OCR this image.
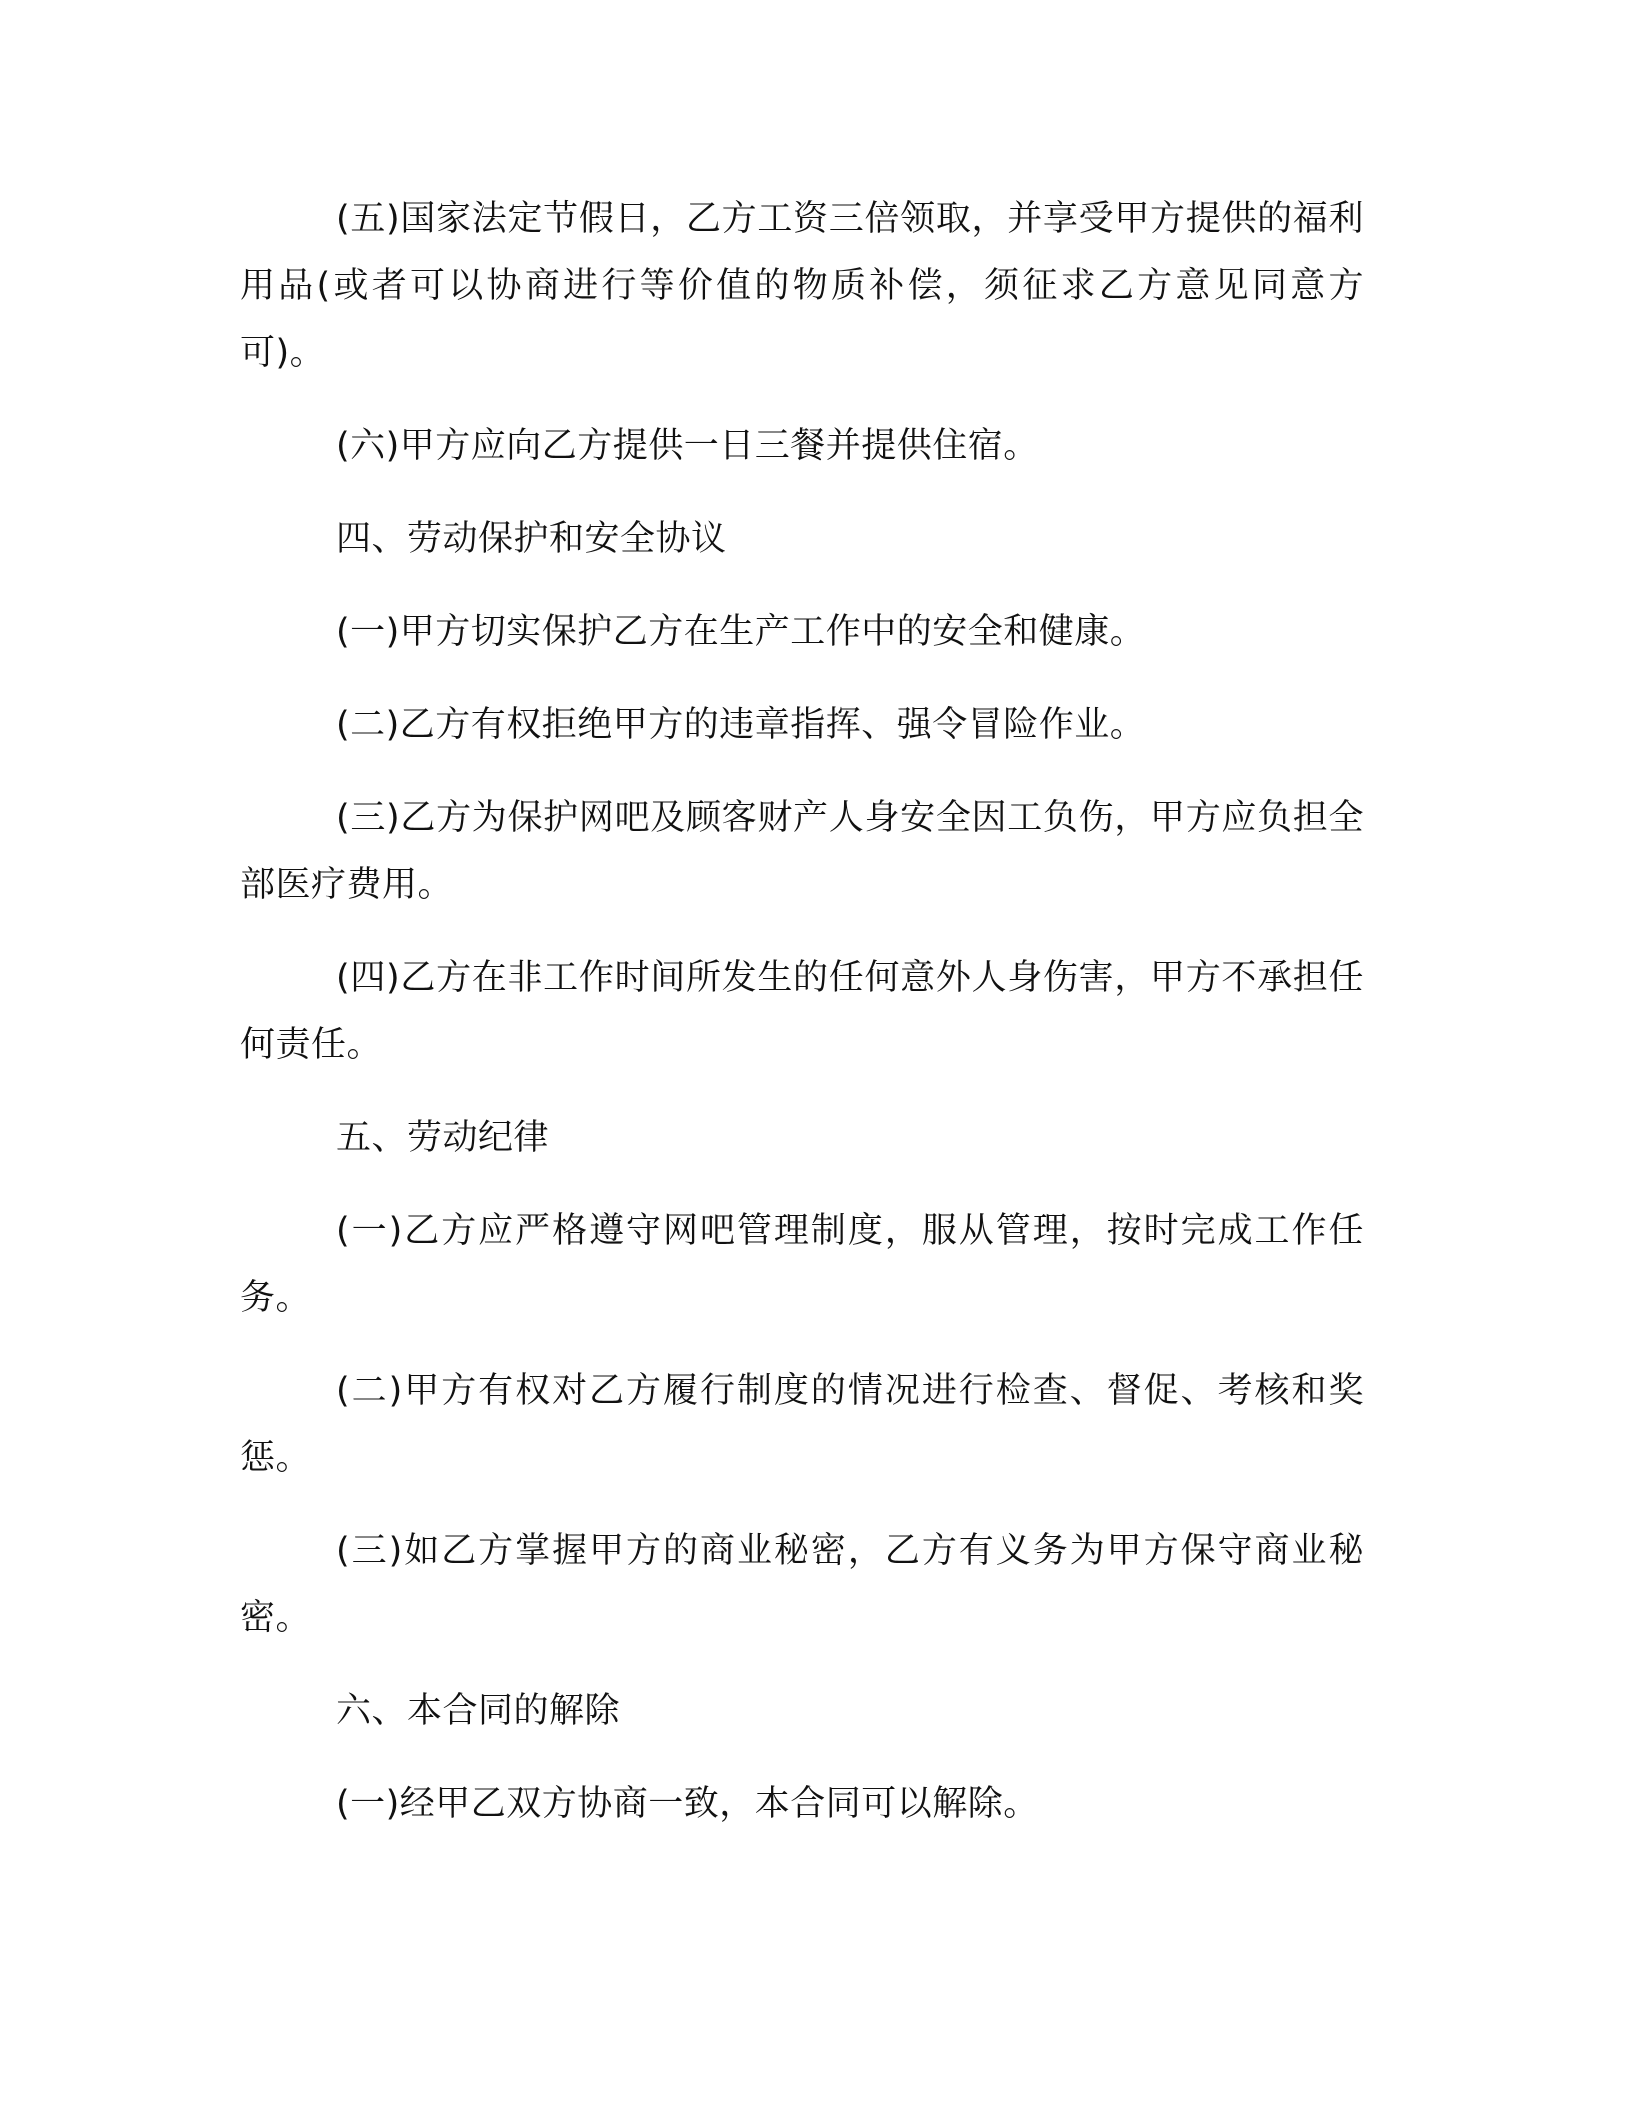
(五)国家法定节假日，乙方工资三倍领取，并享受甲方提供的福利用品(或者可以协商进行等价值的物质补偿，须征求乙方意见同意方可)。

(六)甲方应向乙方提供一日三餐并提供住宿。

四、劳动保护和安全协议

(一)甲方切实保护乙方在生产工作中的安全和健康。

(二)乙方有权拒绝甲方的违章指挥、强令冒险作业。

(三)乙方为保护网吧及顾客财产人身安全因工负伤，甲方应负担全部医疗费用。

(四)乙方在非工作时间所发生的任何意外人身伤害，甲方不承担任何责任。

五、劳动纪律

(一)乙方应严格遵守网吧管理制度，服从管理，按时完成工作任务。

(二)甲方有权对乙方履行制度的情况进行检查、督促、考核和奖惩。

(三)如乙方掌握甲方的商业秘密，乙方有义务为甲方保守商业秘密。

六、本合同的解除

(一)经甲乙双方协商一致，本合同可以解除。
